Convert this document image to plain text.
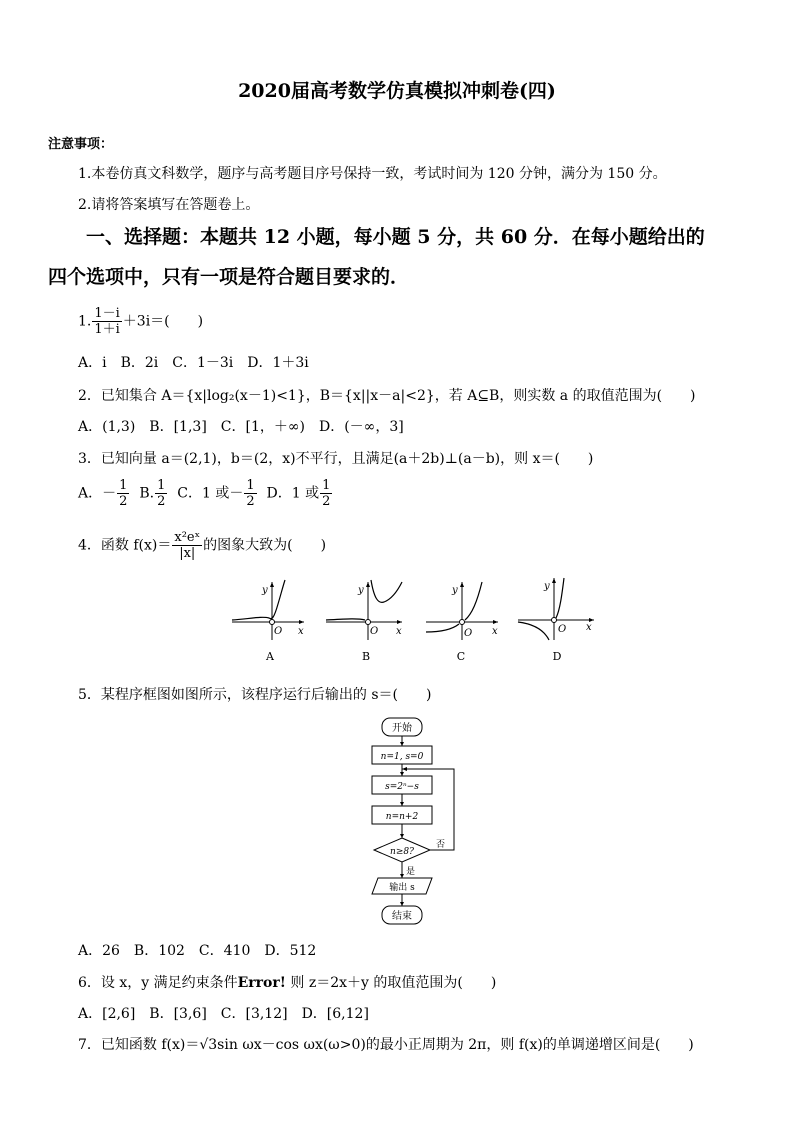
2020届高考数学仿真模拟冲刺卷(四)
注意事项：
1.本卷仿真文科数学，题序与高考题目序号保持一致，考试时间为 120 分钟，满分为 150 分。
2.请将答案填写在答题卷上。
一、选择题：本题共 12 小题，每小题 5 分，共 60 分．在每小题给出的
四个选项中，只有一项是符合题目要求的．
1. $\frac{1-i}{1+i} +3i=$(　　)
A．i　B．2i　C．1－3i　D．1＋3i
2．已知集合 A＝{x|log₂(x－1)<1}，B＝{x||x－a|<2}，若 A⊆B，则实数 a 的取值范围为(　　)
A．(1,3)　B．[1,3]　C．[1，＋∞)　D．(－∞，3]
3．已知向量 a＝(2,1)，b＝(2，x)不平行，且满足(a＋2b)⊥(a－b)，则 x＝(　　)
A．－ $\frac{1}{2} B$. $\frac{1}{2}$ C．1 或－ $\frac{1}{2}$ D．1 或 $\frac{1}{2}$
4．函数 $f(x)= \frac{\text{x²eˣ}}{|x|}$ 的图象大致为(　　)
y
O x
A
y
O x
B
y
O x
C
y
O x
D
5．某程序框图如图所示，该程序运行后输出的 s＝(　　)
开始
n=1, s=0
s=2ⁿ−s
n=n+2
n≥8?
否
是
输出 s
结束
A．26　B．102　C．410　D．512
6．设 x，y 满足约束条件Error! 则 z＝2x＋y 的取值范围为(　　)
A．[2,6]　B．[3,6]　C．[3,12]　D．[6,12]
7．已知函数 f(x)＝√3sin ωx－cos ωx(ω>0)的最小正周期为 2π，则 f(x)的单调递增区间是(　　)
